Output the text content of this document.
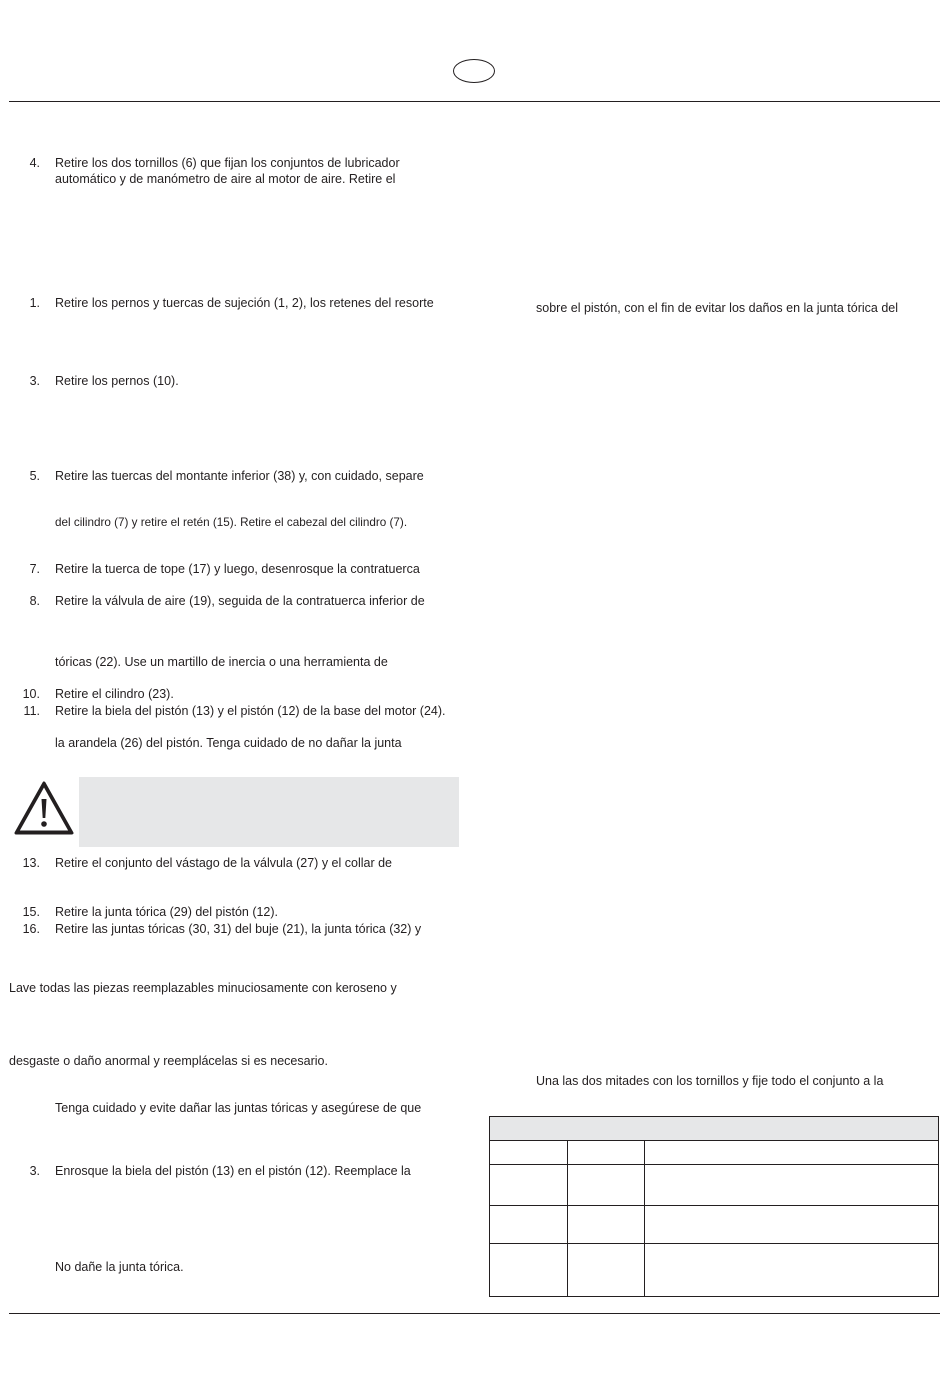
4. Retire los dos tornillos (6) que fijan los conjuntos de lubricador
automático y de manómetro de aire al motor de aire. Retire el
1. Retire los pernos y tuercas de sujeción (1, 2), los retenes del resorte
3. Retire los pernos (10).
5. Retire las tuercas del montante inferior (38) y, con cuidado, separe
del cilindro (7) y retire el retén (15). Retire el cabezal del cilindro (7).
7. Retire la tuerca de tope (17) y luego, desenrosque la contratuerca
8. Retire la válvula de aire (19), seguida de la contratuerca inferior de
tóricas (22). Use un martillo de inercia o una herramienta de
10. Retire el cilindro (23).
11. Retire la biela del pistón (13) y el pistón (12) de la base del motor (24).
la arandela (26) del pistón. Tenga cuidado de no dañar la junta
13. Retire el conjunto del vástago de la válvula (27) y el collar de
15. Retire la junta tórica (29) del pistón (12).
16. Retire las juntas tóricas (30, 31) del buje (21), la junta tórica (32) y
Lave todas las piezas reemplazables minuciosamente con keroseno y
desgaste o daño anormal y reemplácelas si es necesario.
Tenga cuidado y evite dañar las juntas tóricas y asegúrese de que
3. Enrosque la biela del pistón (13) en el pistón (12). Reemplace la
No dañe la junta tórica.
sobre el pistón, con el fin de evitar los daños en la junta tórica del
Una las dos mitades con los tornillos y fije todo el conjunto a la
